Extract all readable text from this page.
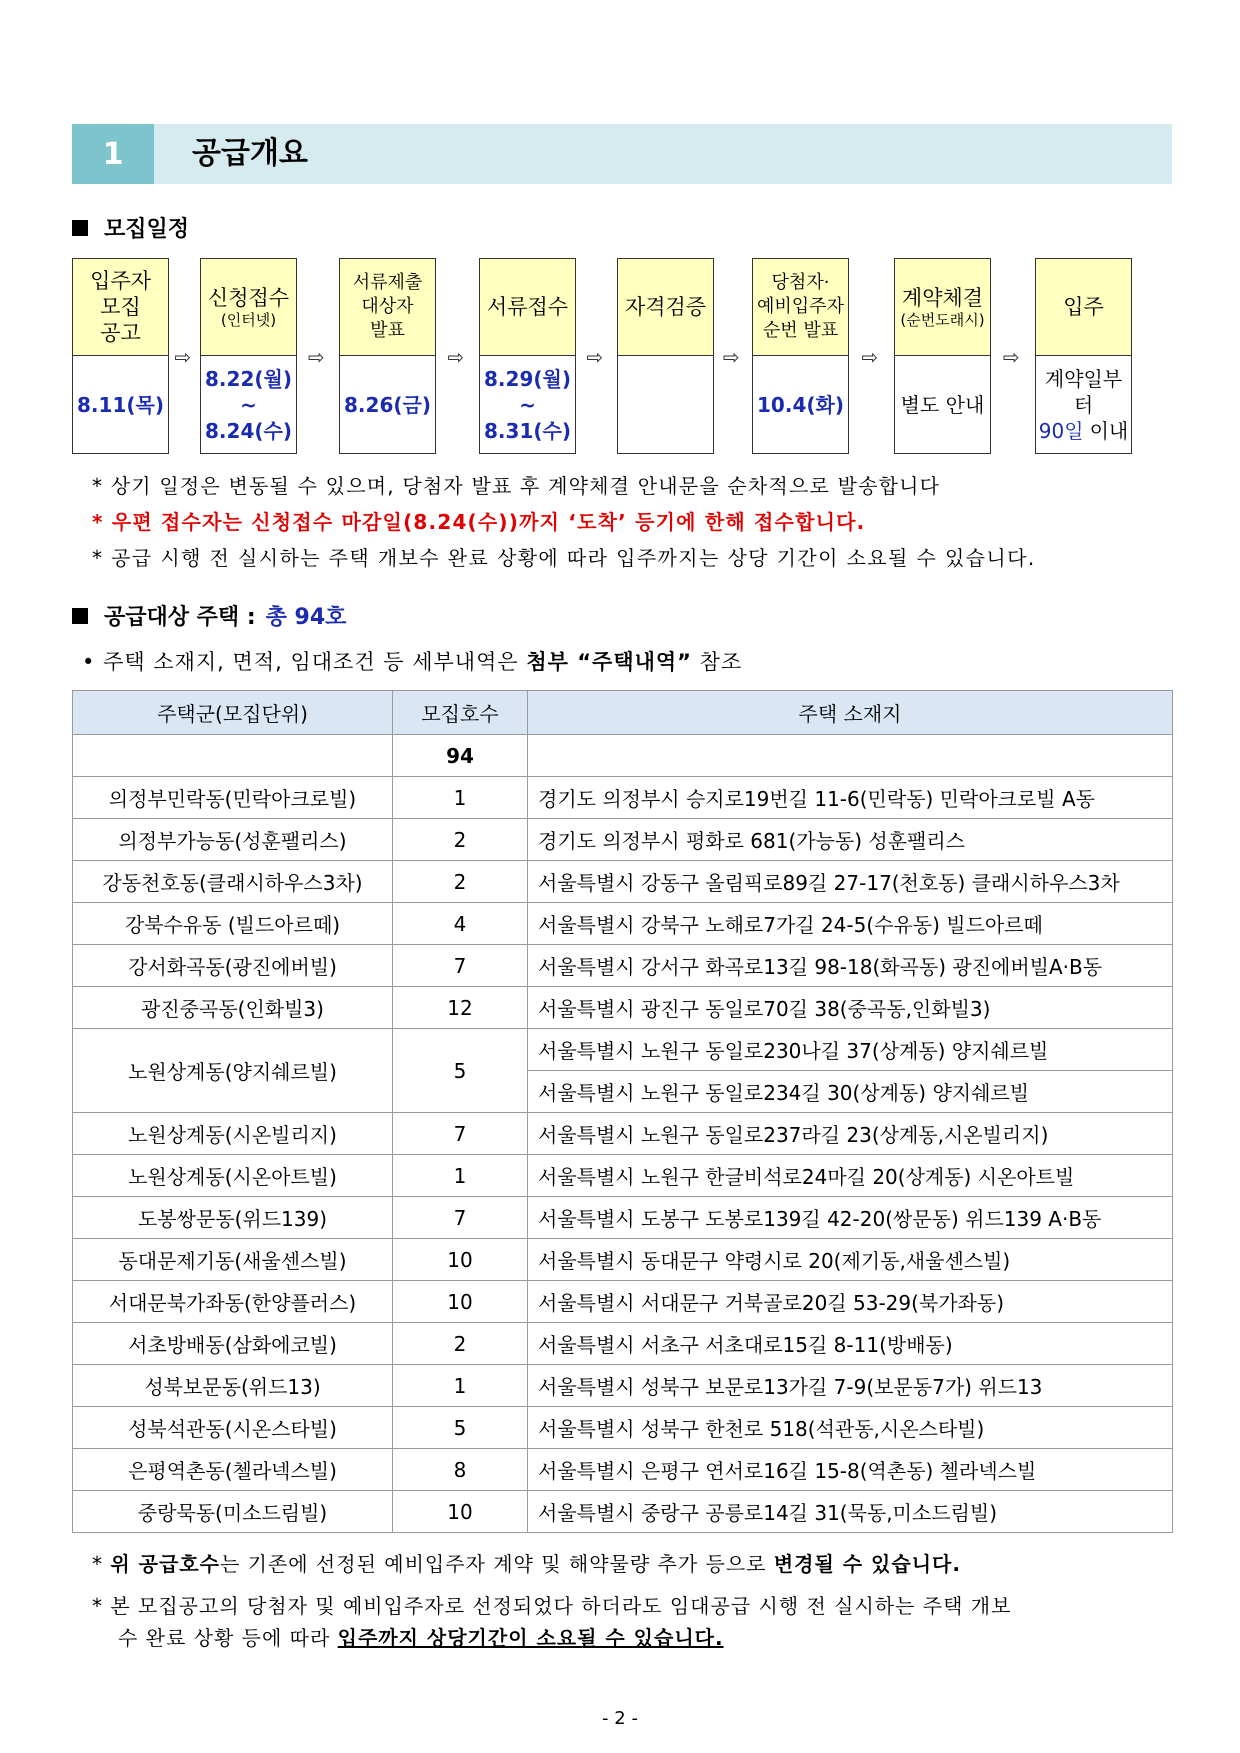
1	공급개요
모집일정
입주자
모집
공고
8.11(목)
⇨
신청접수
(인터넷)
8.22(월)
~
8.24(수)
⇨
서류제출
대상자
발표
8.26(금)
⇨
서류접수
8.29(월)
~
8.31(수)
⇨
자격검증
⇨
당첨자·
예비입주자
순번 발표
10.4(화)
⇨
계약체결
(순번도래시)
별도 안내
⇨
입주
계약일부터
90일 이내
* 상기 일정은 변동될 수 있으며, 당첨자 발표 후 계약체결 안내문을 순차적으로 발송합니다
* 우편 접수자는 신청접수 마감일(8.24(수))까지 ‘도착’ 등기에 한해 접수합니다.
* 공급 시행 전 실시하는 주택 개보수 완료 상황에 따라 입주까지는 상당 기간이 소요될 수 있습니다.
공급대상 주택 : 총 94호
• 주택 소재지, 면적, 임대조건 등 세부내역은 첨부 “주택내역” 참조
주택군(모집단위)	모집호수	주택 소재지
	94	
의정부민락동(민락아크로빌)	1	경기도 의정부시 승지로19번길 11-6(민락동) 민락아크로빌 A동
의정부가능동(성훈팰리스)	2	경기도 의정부시 평화로 681(가능동) 성훈팰리스
강동천호동(클래시하우스3차)	2	서울특별시 강동구 올림픽로89길 27-17(천호동) 클래시하우스3차
강북수유동 (빌드아르떼)	4	서울특별시 강북구 노해로7가길 24-5(수유동) 빌드아르떼
강서화곡동(광진에버빌)	7	서울특별시 강서구 화곡로13길 98-18(화곡동) 광진에버빌A·B동
광진중곡동(인화빌3)	12	서울특별시 광진구 동일로70길 38(중곡동,인화빌3)
노원상계동(양지쉐르빌)	5	서울특별시 노원구 동일로230나길 37(상계동) 양지쉐르빌
		서울특별시 노원구 동일로234길 30(상계동) 양지쉐르빌
노원상계동(시온빌리지)	7	서울특별시 노원구 동일로237라길 23(상계동,시온빌리지)
노원상계동(시온아트빌)	1	서울특별시 노원구 한글비석로24마길 20(상계동) 시온아트빌
도봉쌍문동(위드139)	7	서울특별시 도봉구 도봉로139길 42-20(쌍문동) 위드139 A·B동
동대문제기동(새울센스빌)	10	서울특별시 동대문구 약령시로 20(제기동,새울센스빌)
서대문북가좌동(한양플러스)	10	서울특별시 서대문구 거북골로20길 53-29(북가좌동)
서초방배동(삼화에코빌)	2	서울특별시 서초구 서초대로15길 8-11(방배동)
성북보문동(위드13)	1	서울특별시 성북구 보문로13가길 7-9(보문동7가) 위드13
성북석관동(시온스타빌)	5	서울특별시 성북구 한천로 518(석관동,시온스타빌)
은평역촌동(첼라넥스빌)	8	서울특별시 은평구 연서로16길 15-8(역촌동) 첼라넥스빌
중랑묵동(미소드림빌)	10	서울특별시 중랑구 공릉로14길 31(묵동,미소드림빌)
* 위 공급호수는 기존에 선정된 예비입주자 계약 및 해약물량 추가 등으로 변경될 수 있습니다.
* 본 모집공고의 당첨자 및 예비입주자로 선정되었다 하더라도 임대공급 시행 전 실시하는 주택 개보
수 완료 상황 등에 따라 입주까지 상당기간이 소요될 수 있습니다.
- 2 -
